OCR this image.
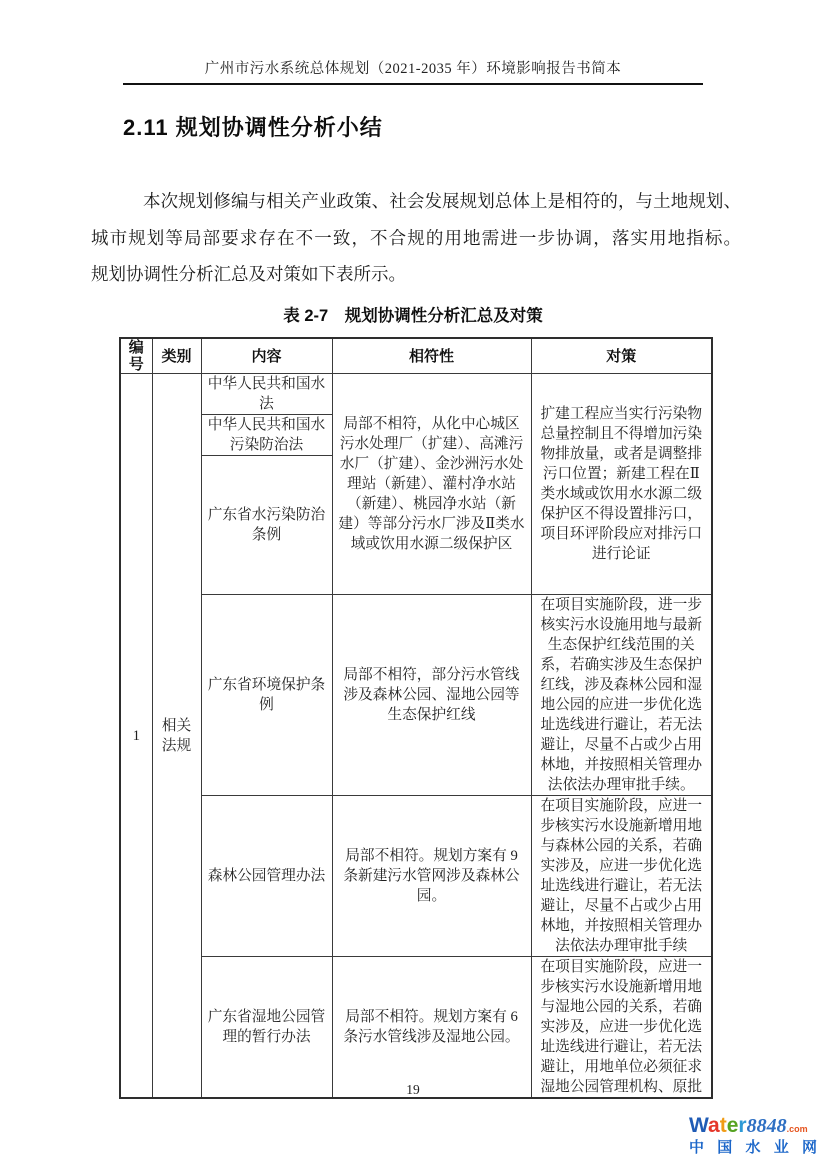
广州市污水系统总体规划（2021-2035 年）环境影响报告书简本
2.11 规划协调性分析小结
本次规划修编与相关产业政策、社会发展规划总体上是相符的，与土地规划、
城市规划等局部要求存在不一致，不合规的用地需进一步协调，落实用地指标。
规划协调性分析汇总及对策如下表所示。
表 2-7　规划协调性分析汇总及对策
编号	类别	内容	相符性	对策
1	相关法规	中华人民共和国水法	局部不相符，从化中心城区污水处理厂（扩建）、高滩污水厂（扩建）、金沙洲污水处理站（新建）、灌村净水站（新建）、桃园净水站（新建）等部分污水厂涉及Ⅱ类水域或饮用水源二级保护区	扩建工程应当实行污染物总量控制且不得增加污染物排放量，或者是调整排污口位置；新建工程在Ⅱ类水域或饮用水水源二级保护区不得设置排污口，项目环评阶段应对排污口进行论证
		中华人民共和国水污染防治法		
		广东省水污染防治条例		
		广东省环境保护条例	局部不相符，部分污水管线涉及森林公园、湿地公园等生态保护红线	在项目实施阶段，进一步核实污水设施用地与最新生态保护红线范围的关系，若确实涉及生态保护红线，涉及森林公园和湿地公园的应进一步优化选址选线进行避让，若无法避让，尽量不占或少占用林地，并按照相关管理办法依法办理审批手续。
		森林公园管理办法	局部不相符。规划方案有 9 条新建污水管网涉及森林公园。	在项目实施阶段，应进一步核实污水设施新增用地与森林公园的关系，若确实涉及，应进一步优化选址选线进行避让，若无法避让，尽量不占或少占用林地，并按照相关管理办法依法办理审批手续
		广东省湿地公园管理的暂行办法	局部不相符。规划方案有 6 条污水管线涉及湿地公园。	在项目实施阶段，应进一步核实污水设施新增用地与湿地公园的关系，若确实涉及，应进一步优化选址选线进行避让，若无法避让，用地单位必须征求湿地公园管理机构、原批
19
Water8848.com
中国水业网
